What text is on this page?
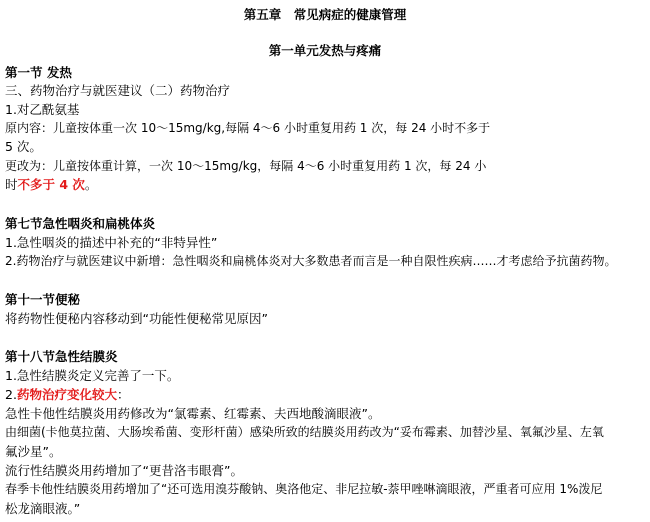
第五章　常见病症的健康管理
第一单元发热与疼痛
第一节 发热
三、药物治疗与就医建议（二）药物治疗
1.对乙酰氨基
原内容：儿童按体重一次 10～15mg/kg,每隔 4～6 小时重复用药 1 次，每 24 小时不多于
5 次。
更改为：儿童按体重计算，一次 10～15mg/kg，每隔 4～6 小时重复用药 1 次，每 24 小
时不多于 4 次。
第七节急性咽炎和扁桃体炎
1.急性咽炎的描述中补充的“非特异性”
2.药物治疗与就医建议中新增：急性咽炎和扁桃体炎对大多数患者而言是一种自限性疾病……才考虑给予抗菌药物。
第十一节便秘
将药物性便秘内容移动到“功能性便秘常见原因”
第十八节急性结膜炎
1.急性结膜炎定义完善了一下。
2.药物治疗变化较大：
急性卡他性结膜炎用药修改为“氯霉素、红霉素、夫西地酸滴眼液”。
由细菌(卡他莫拉菌、大肠埃希菌、变形杆菌）感染所致的结膜炎用药改为“妥布霉素、加替沙星、氧氟沙星、左氧
氟沙星”。
流行性结膜炎用药增加了“更昔洛韦眼膏”。
春季卡他性结膜炎用药增加了“还可选用溴芬酸钠、奥洛他定、非尼拉敏-萘甲唑啉滴眼液，严重者可应用 1%泼尼
松龙滴眼液。”
